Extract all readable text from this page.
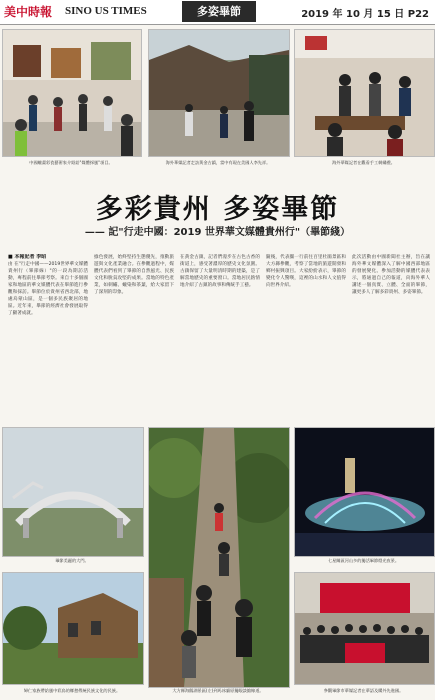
美中時報 SINO US TIMES	多姿畢節	2019 年 10 月 15 日 P22
中國蠟畫彩瓷藝術家介紹給"媒體採風"項目。	海外華媒記者走訪黃金古鎮，當中有現在美國人李先祥。	海外華媒記者在觀看手工刺繡禮。
多彩貴州 多姿畢節
—— 記"行走中國：2019 世界華文媒體貴州行"（畢節綫）
■ 本報記者 李昭
由 在"行走中國——2019世界華文媒體貴州行（畢節線）"的一段為期訪活動，專程前往畢節考察。來自十多個國家和地區的華文媒體代表在畢節進行參觀和採訪。畢節位於貴州省西北部，地處烏蒙山區，是一個多民族聚居的地區。近年來，畢節的經濟社會發展取得了顯著成就。
綠色發展，始終堅持生態優先，推動旅遊與文化產業融合。在參觀過程中，媒體代表們看到了畢節的自然風光、民族文化和脫貧攻堅的成果。當地的特色產業，如刺繡、蠟染和茶葉，給大家留下了深刻的印象。
在黃金古鎮，記者們漫步在古色古香的街道上，感受著濃厚的歷史文化氛圍。古鎮保留了大量明清時期的建築，是了解當地歷史的重要窗口。當地居民熱情地介紹了古鎮的故事和傳統手工藝。
隨後，代表團一行前往百里杜鵑景區和大方縣參觀，考察了當地的旅遊開發和鄉村振興項目。大家紛紛表示，畢節的變化令人驚嘆，這裡的山水和人文值得向世界介紹。
此次活動由中國新聞社主辦，旨在讓海外華文媒體深入了解中國西部地區的發展變化。參加活動的媒體代表表示，將通過自己的報道，向海外華人講述一個真實、立體、全面的畢節，讓更多人了解多彩貴州、多姿畢節。
畢節美麗的大門。
婦仁家族帶給風中彩鳥的鄉愁傳統民族文化的民族。	大方縣海鵝湖景區(左)到馬冰貓原獨眼談縮線道。
七星關區河山多的獨活畢節燈光夜景。
參觀畢節市華媒記者在華語及購外先進國。
